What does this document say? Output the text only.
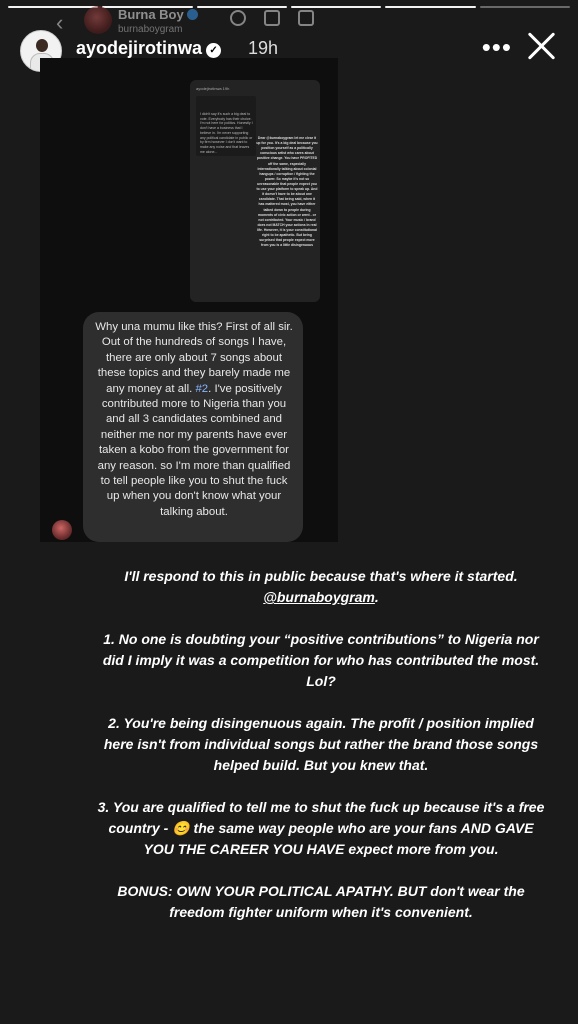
‹	Burna Boy
burnaboygram
ayodejirotinwa ✓ 19h	•••
ayodejirotinwa 19h
I didn't say it's such a big deal to vote. Everybody has their choice. I'm not here for politics. Honestly I don't have a business that I believe in. I'm never supporting any political candidate in public or by firm however I don't want to make any noise and that leaves me alone...
Dear @burnaboygram let me clear it up for you. It's a big deal because you position yourself as a politically conscious artist who cares about positive change. You have PROFITED off the same, especially internationally talking about colonial hangups / corruption / fighting the power. So maybe it's not so unreasonable that people expect you to use your platform to speak up. And it doesn't have to be about one candidate. That being said, when it has mattered most, you have either talked down to people during moments of civic action or went - or not contributed. Your music / brand does not MATCH your actions in real life. However, it is your constitutional right to be apathetic. But being surprised that people expect more from you is a little disingenuous
Why una mumu like this? First of all sir. Out of the hundreds of songs I have, there are only about 7 songs about these topics and they barely made me any money at all. #2. I've positively contributed more to Nigeria than you and all 3 candidates combined and neither me nor my parents have ever taken a kobo from the government for any reason. so I'm more than qualified to tell people like you to shut the fuck up when you don't know what your talking about.

I'll respond to this in public because that's where it started. @burnaboygram.

1. No one is doubting your “positive contributions” to Nigeria nor did I imply it was a competition for who has contributed the most. Lol?

2. You're being disingenuous again. The profit / position implied here isn't from individual songs but rather the brand those songs helped build. But you knew that.

3. You are qualified to tell me to shut the fuck up because it's a free country - 😊 the same way people who are your fans AND GAVE YOU THE CAREER YOU HAVE expect more from you.

BONUS: OWN YOUR POLITICAL APATHY. BUT don't wear the freedom fighter uniform when it's convenient.
